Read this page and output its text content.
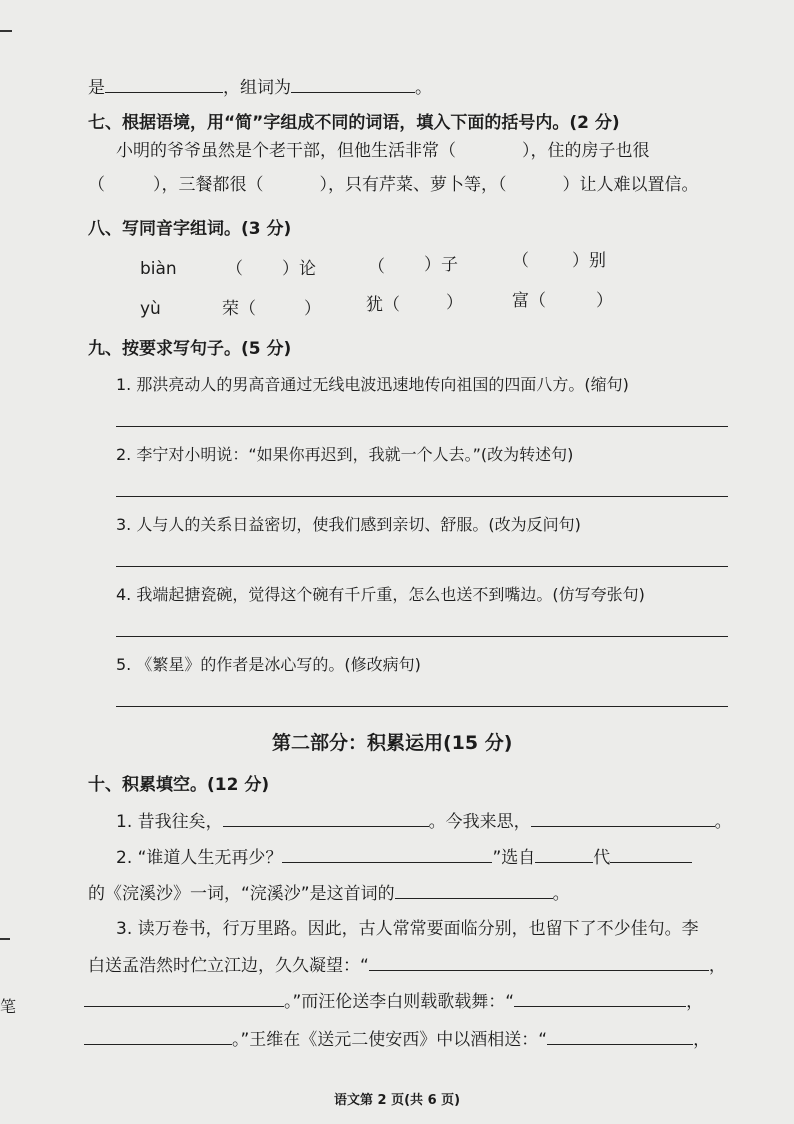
是	，组词为	。
七、根据语境，用“简”字组成不同的词语，填入下面的括号内。(2 分)
小明的爷爷虽然是个老干部，但他生活非常（	），住的房子也很
（	），三餐都很（	），只有芹菜、萝卜等，（	）让人难以置信。
八、写同音字组词。(3 分)
biàn	（ ）论	（ ）子	（	）别
yù	荣（	）	犹（	）	富（	）
九、按要求写句子。(5 分)
1. 那洪亮动人的男高音通过无线电波迅速地传向祖国的四面八方。(缩句)
2. 李宁对小明说：“如果你再迟到，我就一个人去。”(改为转述句)
3. 人与人的关系日益密切，使我们感到亲切、舒服。(改为反问句)
4. 我端起搪瓷碗，觉得这个碗有千斤重，怎么也送不到嘴边。(仿写夸张句)
5. 《繁星》的作者是冰心写的。(修改病句)
第二部分：积累运用(15 分)
十、积累填空。(12 分)
1. 昔我往矣，	。今我来思，	。
2. “谁道人生无再少？	”选自	代
的《浣溪沙》一词，“浣溪沙”是这首词的	。
3. 读万卷书，行万里路。因此，古人常常要面临分别，也留下了不少佳句。李
白送孟浩然时伫立江边，久久凝望：“	，
。”而汪伦送李白则载歌载舞：“	，
。”王维在《送元二使安西》中以酒相送：“	，
笔
语文第 2 页(共 6 页)
